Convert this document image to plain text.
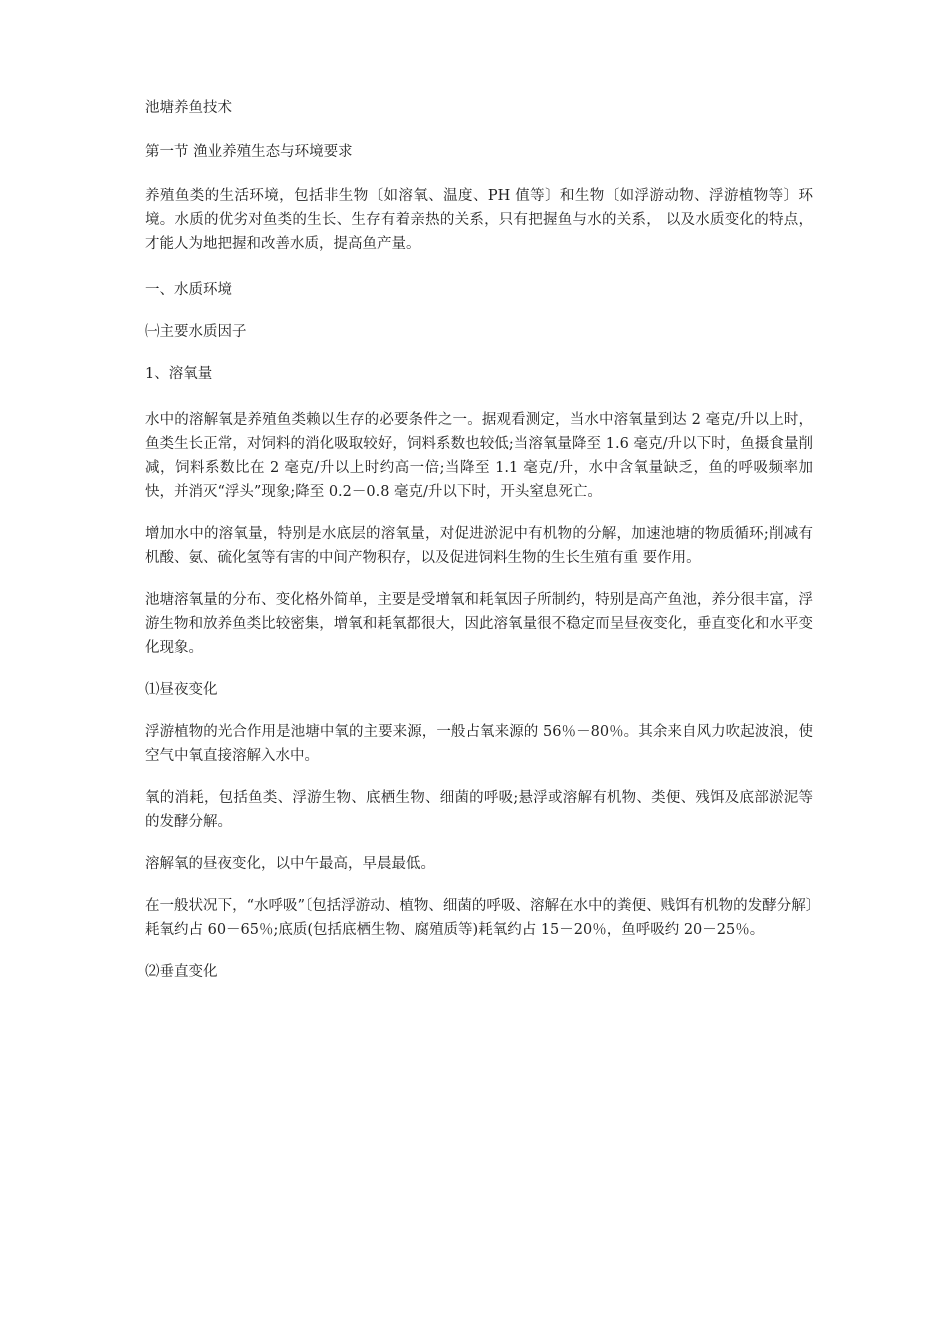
池塘养鱼技术
第一节 渔业养殖生态与环境要求

养殖鱼类的生活环境，包括非生物〔如溶氧、温度、PH 值等〕和生物〔如浮游动物、浮游植物等〕环境。水质的优劣对鱼类的生长、生存有着亲热的关系，只有把握鱼与水的关系， 以及水质变化的特点，才能人为地把握和改善水质，提高鱼产量。

一、水质环境
㈠主要水质因子
1、溶氧量

水中的溶解氧是养殖鱼类赖以生存的必要条件之一。据观看测定，当水中溶氧量到达 2 毫克/升以上时，鱼类生长正常，对饲料的消化吸取较好，饲料系数也较低;当溶氧量降至 1.6 毫克/升以下时，鱼摄食量削减，饲料系数比在 2 毫克/升以上时约高一倍;当降至 1.1 毫克/升，水中含氧量缺乏，鱼的呼吸频率加快，并消灭“浮头”现象;降至 0.2－0.8 毫克/升以下时，开头窒息死亡。

增加水中的溶氧量，特别是水底层的溶氧量，对促进淤泥中有机物的分解，加速池塘的物质循环;削减有机酸、氨、硫化氢等有害的中间产物积存，以及促进饲料生物的生长生殖有重 要作用。

池塘溶氧量的分布、变化格外简单，主要是受增氧和耗氧因子所制约，特别是高产鱼池，养分很丰富，浮游生物和放养鱼类比较密集，增氧和耗氧都很大，因此溶氧量很不稳定而呈昼夜变化，垂直变化和水平变化现象。

⑴昼夜变化

浮游植物的光合作用是池塘中氧的主要来源，一般占氧来源的 56％－80％。其余来自风力吹起波浪，使空气中氧直接溶解入水中。

氧的消耗，包括鱼类、浮游生物、底栖生物、细菌的呼吸;悬浮或溶解有机物、类便、残饵及底部淤泥等的发酵分解。

溶解氧的昼夜变化，以中午最高，早晨最低。

在一般状况下，“水呼吸”〔包括浮游动、植物、细菌的呼吸、溶解在水中的粪便、贱饵有机物的发酵分解〕耗氧约占 60－65％;底质(包括底栖生物、腐殖质等)耗氧约占 15－20％，鱼呼吸约 20－25％。

⑵垂直变化
